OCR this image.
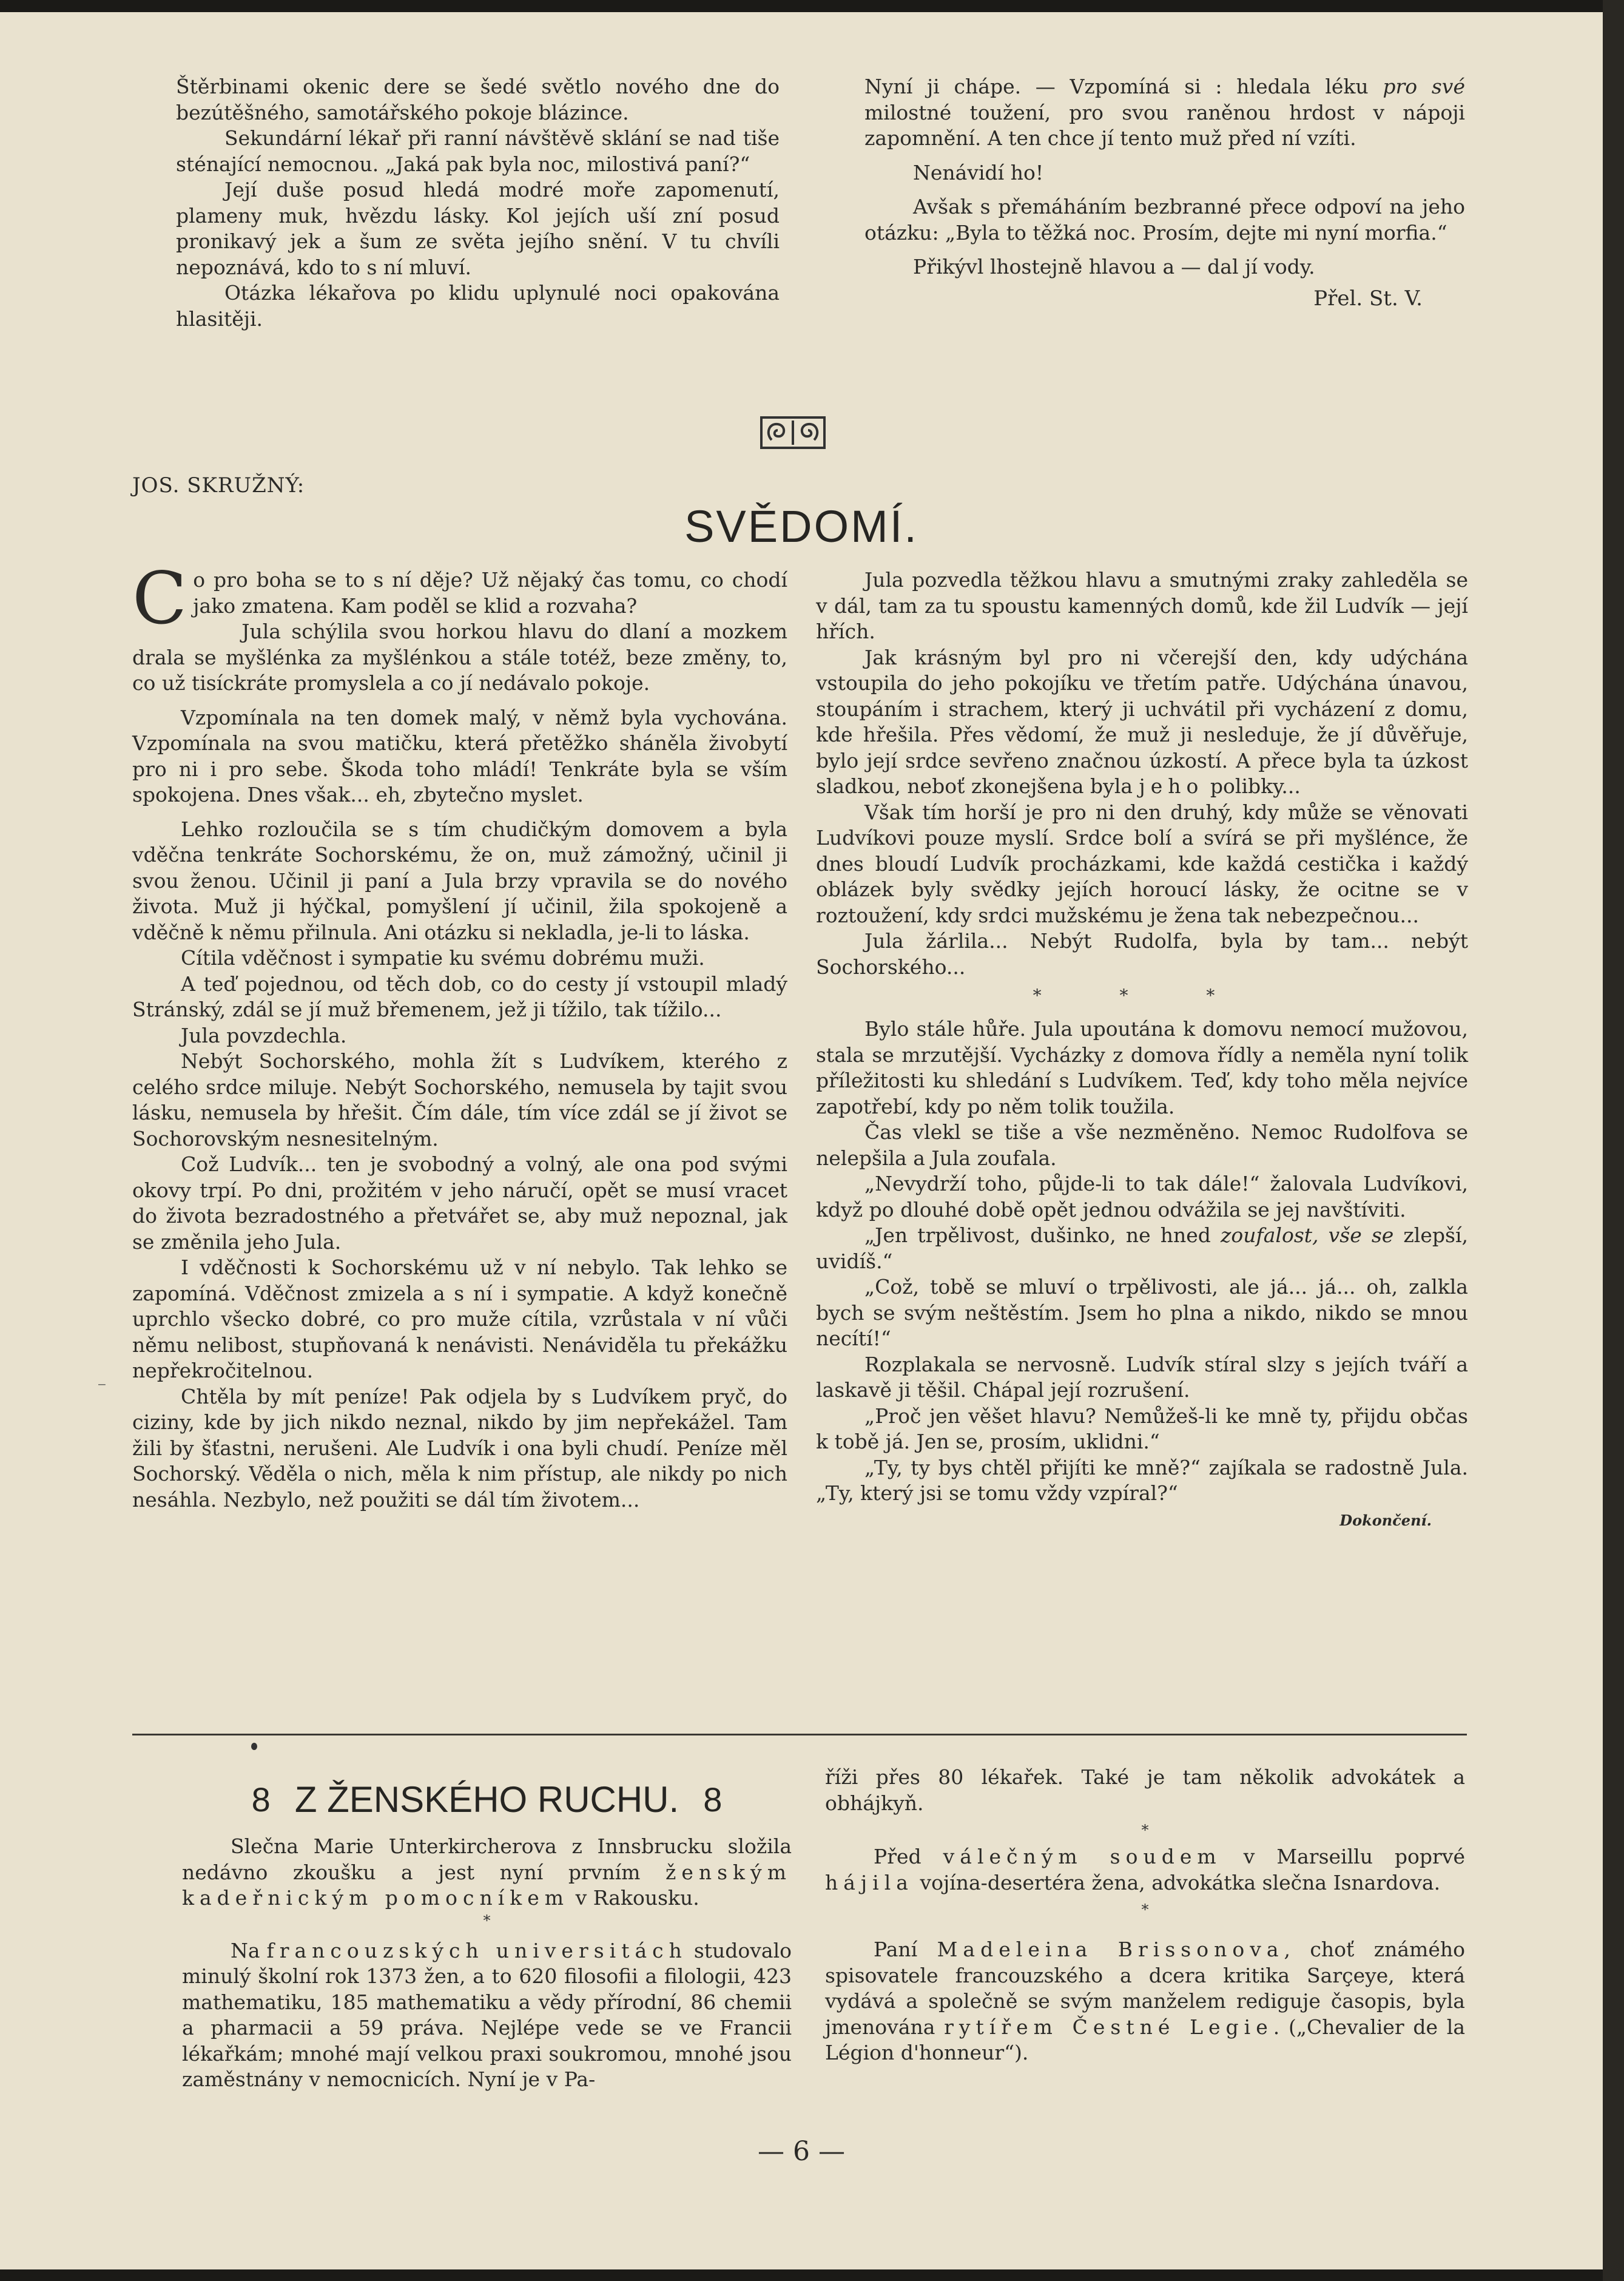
Štěrbinami okenic dere se šedé světlo nového dne do bezútěšného, samotářského pokoje blázince.

Sekundární lékař při ranní návštěvě sklání se nad tiše sténající nemocnou. „Jaká pak byla noc, milostivá paní?“

Její duše posud hledá modré moře zapomenutí, plameny muk, hvězdu lásky. Kol jejích uší zní posud pronikavý jek a šum ze světa jejího snění. V tu chvíli nepoznává, kdo to s ní mluví.

Otázka lékařova po klidu uplynulé noci opakována hlasitěji.

Nyní ji chápe. — Vzpomíná si : hledala léku pro své milostné toužení, pro svou raněnou hrdost v nápoji zapomnění. A ten chce jí tento muž před ní vzíti.

Nenávidí ho!

Avšak s přemáháním bezbranné přece odpoví na jeho otázku: „Byla to těžká noc. Prosím, dejte mi nyní morfia.“

Přikývl lhostejně hlavou a — dal jí vody.

Přel. St. V.
JOS. SKRUŽNÝ:
SVĚDOMÍ.

Co pro boha se to s ní děje? Už nějaký čas tomu, co chodí jako zmatena. Kam poděl se klid a rozvaha?

Jula schýlila svou horkou hlavu do dlaní a mozkem drala se myšlénka za myšlénkou a stále totéž, beze změny, to, co už tisíckráte promyslela a co jí nedávalo pokoje.

Vzpomínala na ten domek malý, v němž byla vychována. Vzpomínala na svou matičku, která přetěžko sháněla živobytí pro ni i pro sebe. Škoda toho mládí! Tenkráte byla se vším spokojena. Dnes však... eh, zbytečno myslet.

Lehko rozloučila se s tím chudičkým domovem a byla vděčna tenkráte Sochorskému, že on, muž zámožný, učinil ji svou ženou. Učinil ji paní a Jula brzy vpravila se do nového života. Muž ji hýčkal, pomyšlení jí učinil, žila spokojeně a vděčně k němu přilnula. Ani otázku si nekladla, je-li to láska.

Cítila vděčnost i sympatie ku svému dobrému muži.

A teď pojednou, od těch dob, co do cesty jí vstoupil mladý Stránský, zdál se jí muž břemenem, jež ji tížilo, tak tížilo...

Jula povzdechla.

Nebýt Sochorského, mohla žít s Ludvíkem, kterého z celého srdce miluje. Nebýt Sochorského, nemusela by tajit svou lásku, nemusela by hřešit. Čím dále, tím více zdál se jí život se Sochorovským nesnesitelným.

Což Ludvík... ten je svobodný a volný, ale ona pod svými okovy trpí. Po dni, prožitém v jeho náručí, opět se musí vracet do života bezradostného a přetvářet se, aby muž nepoznal, jak se změnila jeho Jula.

I vděčnosti k Sochorskému už v ní nebylo. Tak lehko se zapomíná. Vděčnost zmizela a s ní i sympatie. A když konečně uprchlo všecko dobré, co pro muže cítila, vzrůstala v ní vůči němu nelibost, stupňovaná k nenávisti. Nenáviděla tu překážku nepřekročitelnou.

Chtěla by mít peníze! Pak odjela by s Ludvíkem pryč, do ciziny, kde by jich nikdo neznal, nikdo by jim nepřekážel. Tam žili by šťastni, nerušeni. Ale Ludvík i ona byli chudí. Peníze měl Sochorský. Věděla o nich, měla k nim přístup, ale nikdy po nich nesáhla. Nezbylo, než použiti se dál tím životem...

Jula pozvedla těžkou hlavu a smutnými zraky zahleděla se v dál, tam za tu spoustu kamenných domů, kde žil Ludvík — její hřích.

Jak krásným byl pro ni včerejší den, kdy udýchána vstoupila do jeho pokojíku ve třetím patře. Udýchána únavou, stoupáním i strachem, který ji uchvátil při vycházení z domu, kde hřešila. Přes vědomí, že muž ji nesleduje, že jí důvěřuje, bylo její srdce sevřeno značnou úzkostí. A přece byla ta úzkost sladkou, neboť zkonejšena byla jeho polibky...

Však tím horší je pro ni den druhý, kdy může se věnovati Ludvíkovi pouze myslí. Srdce bolí a svírá se při myšlénce, že dnes bloudí Ludvík procházkami, kde každá cestička i každý oblázek byly svědky jejích horoucí lásky, že ocitne se v roztoužení, kdy srdci mužskému je žena tak nebezpečnou...

Jula žárlila... Nebýt Rudolfa, byla by tam... nebýt Sochorského...

* * *

Bylo stále hůře. Jula upoutána k domovu nemocí mužovou, stala se mrzutější. Vycházky z domova řídly a neměla nyní tolik příležitosti ku shledání s Ludvíkem. Teď, kdy toho měla nejvíce zapotřebí, kdy po něm tolik toužila.

Čas vlekl se tiše a vše nezměněno. Nemoc Rudolfova se nelepšila a Jula zoufala.

„Nevydrží toho, půjde-li to tak dále!“ žalovala Ludvíkovi, když po dlouhé době opět jednou odvážila se jej navštíviti.

„Jen trpělivost, dušinko, ne hned zoufalost, vše se zlepší, uvidíš.“

„Což, tobě se mluví o trpělivosti, ale já... já... oh, zalkla bych se svým neštěstím. Jsem ho plna a nikdo, nikdo se mnou necítí!“

Rozplakala se nervosně. Ludvík stíral slzy s jejích tváří a laskavě ji těšil. Chápal její rozrušení.

„Proč jen věšet hlavu? Nemůžeš-li ke mně ty, přijdu občas k tobě já. Jen se, prosím, uklidni.“

„Ty, ty bys chtěl přijíti ke mně?“ zajíkala se radostně Jula. „Ty, který jsi se tomu vždy vzpíral?“

Dokončení.
⁻
8 Z ŽENSKÉHO RUCHU. 8

Slečna Marie Unterkircherova z Innsbrucku složila nedávno zkoušku a jest nyní prvním ženským kadeřnickým pomocníkem v Rakousku.

*

Na francouzských universitách studovalo minulý školní rok 1373 žen, a to 620 filosofii a filologii, 423 mathematiku, 185 mathematiku a vědy přírodní, 86 chemii a pharmacii a 59 práva. Nejlépe vede se ve Francii lékařkám; mnohé mají velkou praxi soukromou, mnohé jsou zaměstnány v nemocnicích. Nyní je v Pa-

říži přes 80 lékařek. Také je tam několik advokátek a obhájkyň.

*

Před válečným soudem v Marseillu poprvé hájila vojína-desertéra žena, advokátka slečna Isnardova.

*

Paní Madeleina Brissonova, choť známého spisovatele francouzského a dcera kritika Sarçeye, která vydává a společně se svým manželem rediguje časopis, byla jmenována rytířem Čestné Legie. („Chevalier de la Légion d'honneur“).

— 6 —
